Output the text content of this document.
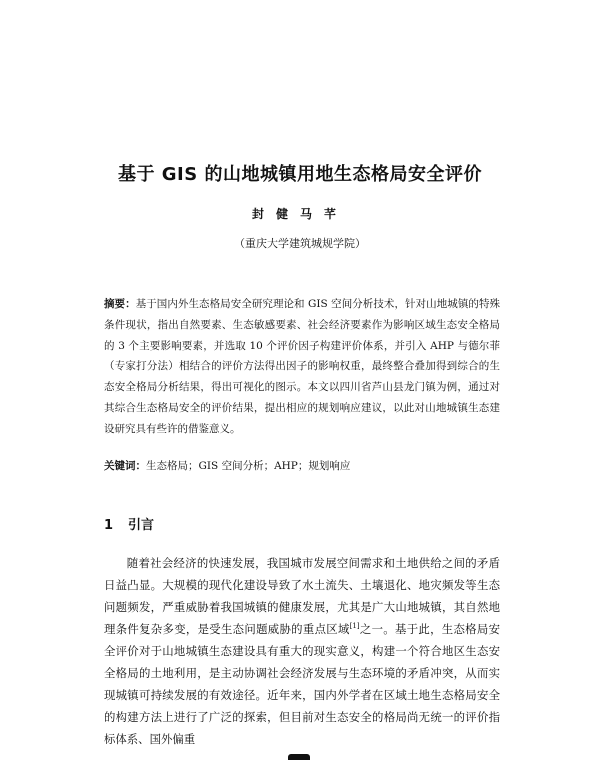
基于 GIS 的山地城镇用地生态格局安全评价
封健马芊
（重庆大学建筑城规学院）
摘要：基于国内外生态格局安全研究理论和 GIS 空间分析技术，针对山地城镇的特殊条件现状，指出自然要素、生态敏感要素、社会经济要素作为影响区域生态安全格局的 3 个主要影响要素，并选取 10 个评价因子构建评价体系，并引入 AHP 与德尔菲（专家打分法）相结合的评价方法得出因子的影响权重，最终整合叠加得到综合的生态安全格局分析结果，得出可视化的图示。本文以四川省芦山县龙门镇为例，通过对其综合生态格局安全的评价结果，提出相应的规划响应建议，以此对山地城镇生态建设研究具有些许的借鉴意义。
关键词：生态格局；GIS 空间分析；AHP；规划响应
1 引言
随着社会经济的快速发展，我国城市发展空间需求和土地供给之间的矛盾日益凸显。大规模的现代化建设导致了水土流失、土壤退化、地灾频发等生态问题频发，严重威胁着我国城镇的健康发展，尤其是广大山地城镇，其自然地理条件复杂多变，是受生态问题威胁的重点区域[1]之一。基于此，生态格局安全评价对于山地城镇生态建设具有重大的现实意义，构建一个符合地区生态安全格局的土地利用，是主动协调社会经济发展与生态环境的矛盾冲突，从而实现城镇可持续发展的有效途径。近年来，国内外学者在区域土地生态格局安全的构建方法上进行了广泛的探索，但目前对生态安全的格局尚无统一的评价指标体系、国外偏重
